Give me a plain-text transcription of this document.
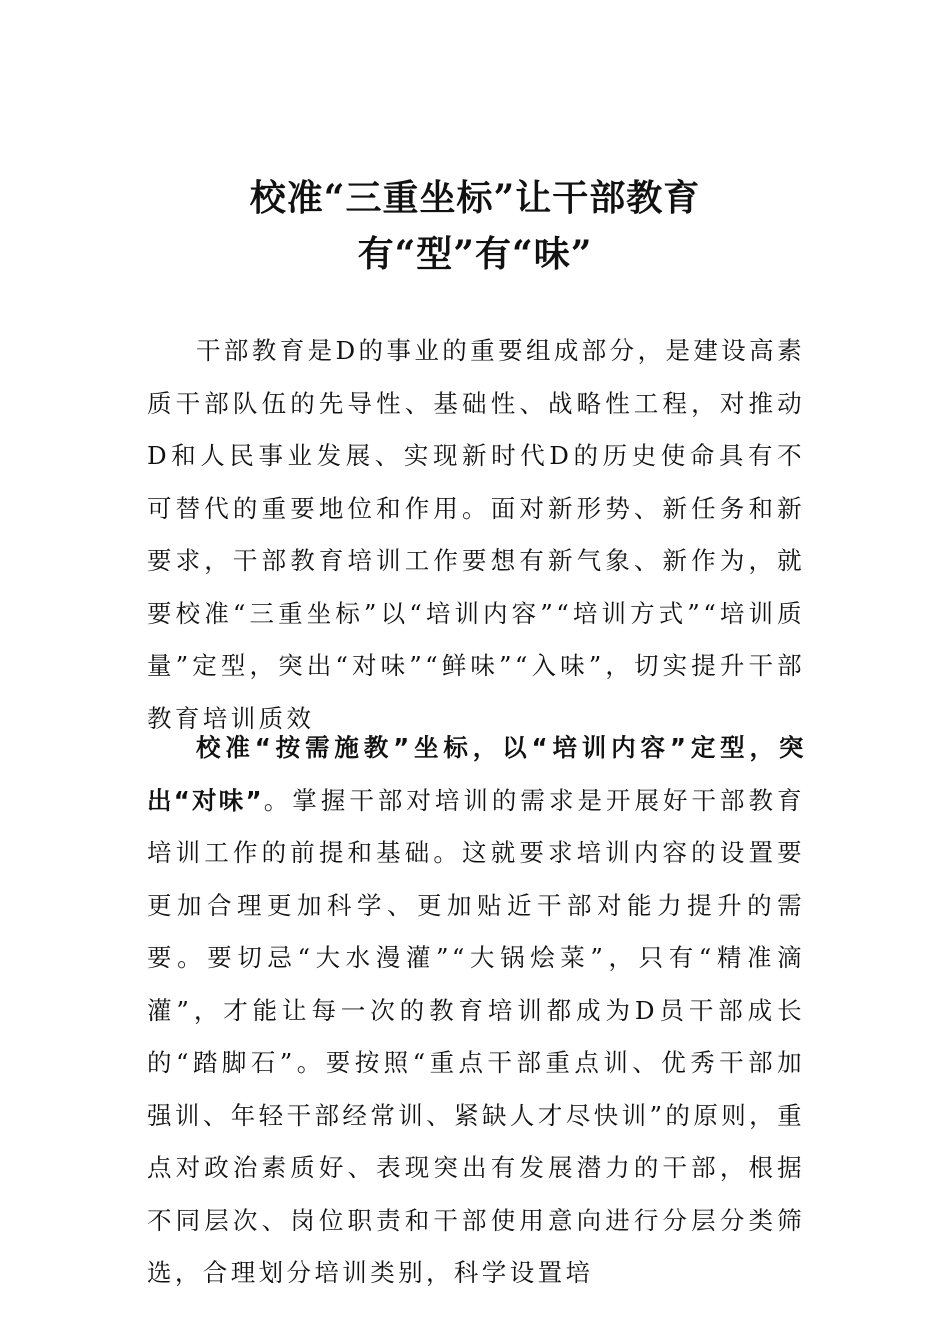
校准“三重坐标”让干部教育有“型”有“味”

干部教育是D的事业的重要组成部分，是建设高素质干部队伍的先导性、基础性、战略性工程，对推动D和人民事业发展、实现新时代D的历史使命具有不可替代的重要地位和作用。面对新形势、新任务和新要求，干部教育培训工作要想有新气象、新作为，就要校准“三重坐标”以“培训内容”“培训方式”“培训质量”定型，突出“对味”“鲜味”“入味”，切实提升干部教育培训质效

校准“按需施教”坐标，以“培训内容”定型，突出“对味”。掌握干部对培训的需求是开展好干部教育培训工作的前提和基础。这就要求培训内容的设置要更加合理更加科学、更加贴近干部对能力提升的需要。要切忌“大水漫灌”“大锅烩菜”，只有“精准滴灌”，才能让每一次的教育培训都成为D员干部成长的“踏脚石”。要按照“重点干部重点训、优秀干部加强训、年轻干部经常训、紧缺人才尽快训”的原则，重点对政治素质好、表现突出有发展潜力的干部，根据不同层次、岗位职责和干部使用意向进行分层分类筛选，合理划分培训类别，科学设置培
